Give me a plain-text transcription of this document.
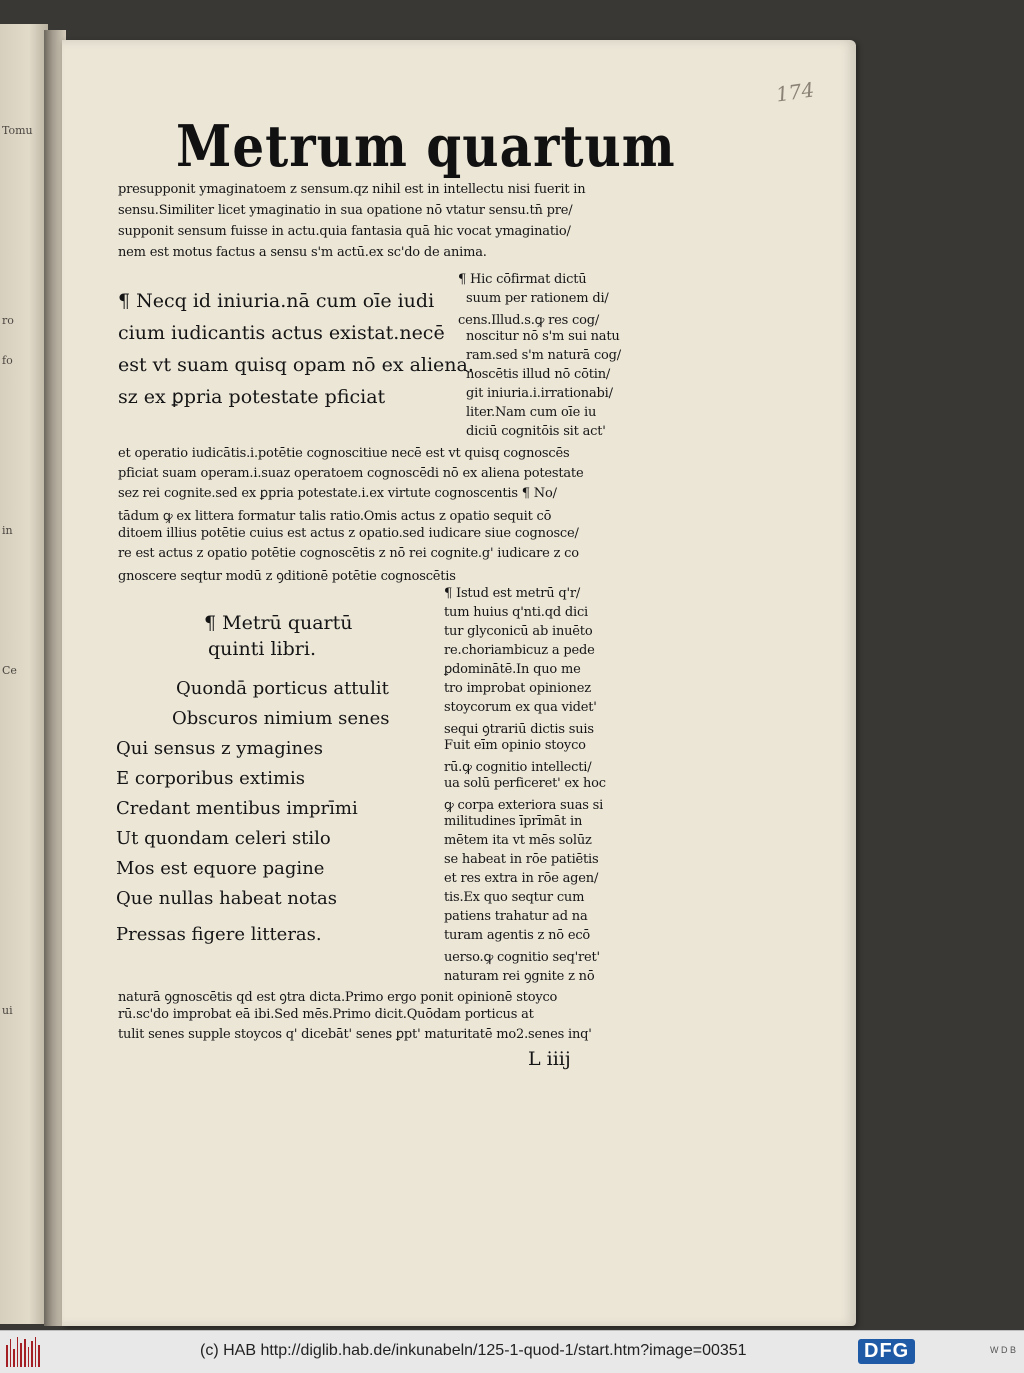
Tomu
ro
fo
in
Ce
ui
174
Metrum quartum
presupponit ymaginatoem z sensum.qz nihil est in intellectu nisi fuerit in
sensu.Similiter licet ymaginatio in sua opatione nō vtatur sensu.tn̄ pre/
supponit sensum fuisse in actu.quia fantasia quā hic vocat ymaginatio/
nem est motus factus a sensu s'm actū.ex sc'do de anima.
¶ Necq id iniuria.nā cum oīe iudi
cium iudicantis actus existat.necē
est vt suam quisq opam nō ex aliena.
sz ex ꝑpria potestate pficiat
¶ Hic cōfirmat dictū
suum per rationem di/
cens.Illud.s.ꝙ res cog/
noscitur nō s'm sui natu
ram.sed s'm naturā cog/
noscētis illud nō cōtin/
git iniuria.i.irrationabi/
liter.Nam cum oīe iu
diciū cognitōis sit act'
et operatio iudicātis.i.potētie cognoscitiue necē est vt quisq cognoscēs
pficiat suam operam.i.suaz operatoem cognoscēdi nō ex aliena potestate
sez rei cognite.sed ex ꝑpria potestate.i.ex virtute cognoscentis ¶ No/
tādum ꝙ ex littera formatur talis ratio.Omis actus z opatio sequit cō
ditoem illius potētie cuius est actus z opatio.sed iudicare siue cognosce/
re est actus z opatio potētie cognoscētis z nō rei cognite.g' iudicare z co
gnoscere seqtur modū z ꝯditionē potētie cognoscētis
¶ Metrū quartū
quinti libri.
Quondā porticus attulit
Obscuros nimium senes
Qui sensus z ymagines
E corporibus extimis
Credant mentibus imprīmi
Ut quondam celeri stilo
Mos est equore pagine
Que nullas habeat notas
Pressas figere litteras.
¶ Istud est metrū q'r/
tum huius q'nti.qd dici
tur glyconicū ab inuēto
re.choriambicuz a pede
ꝑdominātē.In quo me
tro improbat opinionez
stoycorum ex qua videt'
sequi ꝯtrariū dictis suis
Fuit eīm opinio stoyco
rū.ꝙ cognitio intellecti/
ua solū perficeret' ex hoc
ꝙ corpa exteriora suas si
militudines īprīmāt in
mētem ita vt mēs solūz
se habeat in rōe patiētis
et res extra in rōe agen/
tis.Ex quo seqtur cum
patiens trahatur ad na
turam agentis z nō ecō
uerso.ꝙ cognitio seq'ret'
naturam rei ꝯgnite z nō
naturā ꝯgnoscētis qd est ꝯtra dicta.Primo ergo ponit opinionē stoyco
rū.sc'do improbat eā ibi.Sed mēs.Primo dicit.Quōdam porticus at
tulit senes supple stoycos q' dicebāt' senes ꝑpt' maturitatē mo2.senes inq'
L iiij
(c) HAB http://diglib.hab.de/inkunabeln/125-1-quod-1/start.htm?image=00351	DFG	W D B
